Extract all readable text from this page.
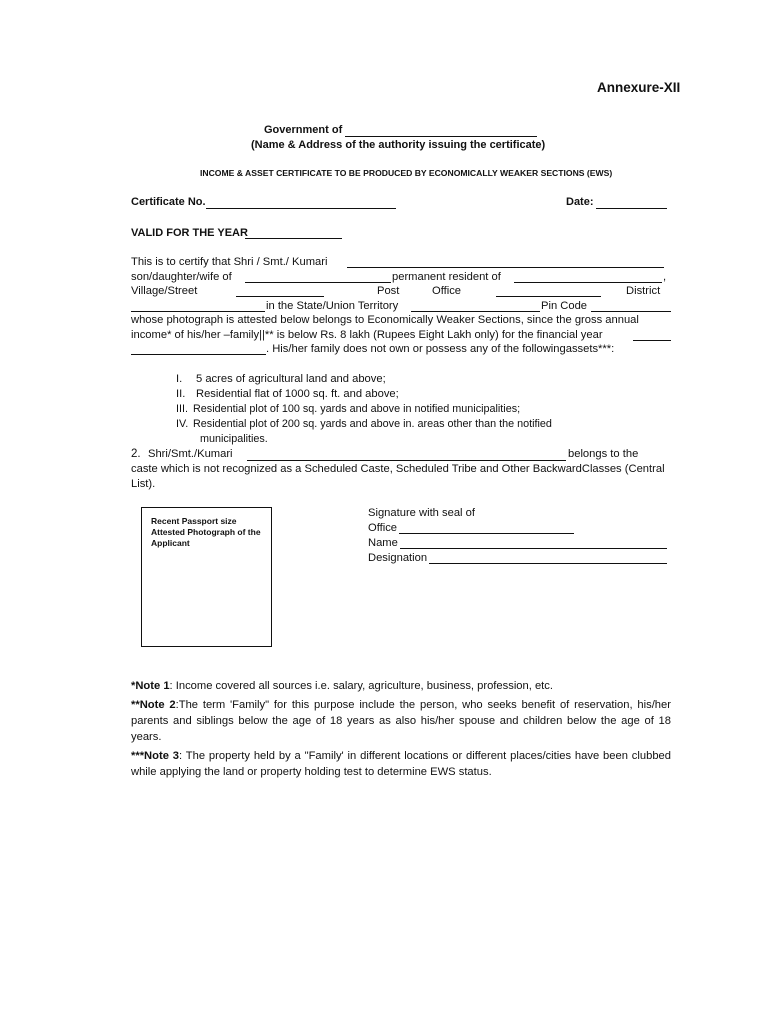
Annexure-XII
Government of
(Name & Address of the authority issuing the certificate)
INCOME & ASSET CERTIFICATE TO BE PRODUCED BY ECONOMICALLY WEAKER SECTIONS (EWS)
Certificate No.	Date:
VALID FOR THE YEAR
This is to certify that Shri / Smt./ Kumari
son/daughter/wife of	permanent resident of	,
Village/Street	Post	Office	District
in the State/Union Territory	Pin Code
whose photograph is attested below belongs to Economically Weaker Sections, since the gross annual
income* of his/her –family||** is below Rs. 8 lakh (Rupees Eight Lakh only) for the financial year
. His/her family does not own or possess any of the followingassets***:
I. 5 acres of agricultural land and above;
II. Residential flat of 1000 sq. ft. and above;
III. Residential plot of 100 sq. yards and above in notified municipalities;
IV. Residential plot of 200 sq. yards and above in. areas other than the notified
municipalities.
2. Shri/Smt./Kumari	belongs to the
caste which is not recognized as a Scheduled Caste, Scheduled Tribe and Other BackwardClasses (Central
List).
Recent Passport size Attested Photograph of the Applicant
Signature with seal of
Office
Name
Designation
*Note 1: Income covered all sources i.e. salary, agriculture, business, profession, etc.
**Note 2:The term 'Family" for this purpose include the person, who seeks benefit of reservation, his/her parents and siblings below the age of 18 years as also his/her spouse and children below the age of 18 years.
***Note 3: The property held by a "Family' in different locations or different places/cities have been clubbed while applying the land or property holding test to determine EWS status.
